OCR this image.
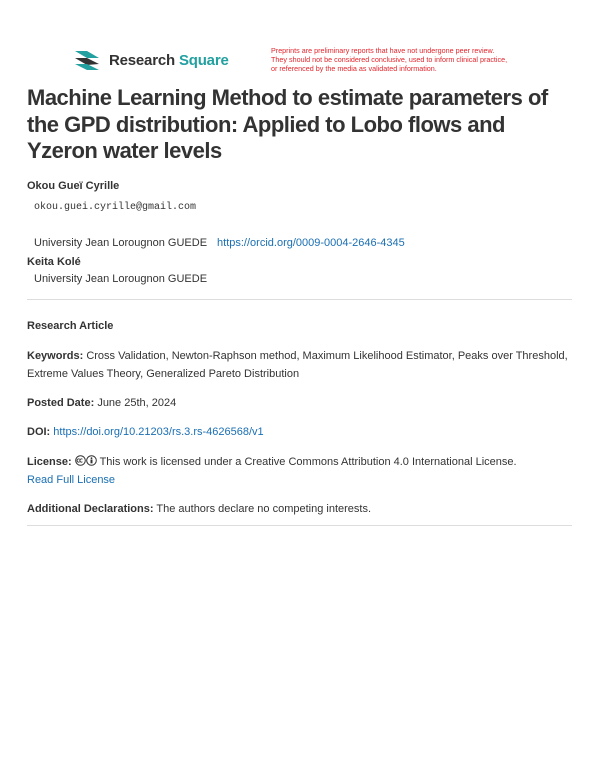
Research Square
Preprints are preliminary reports that have not undergone peer review.
They should not be considered conclusive, used to inform clinical practice,
or referenced by the media as validated information.
Machine Learning Method to estimate parameters of the GPD distribution: Applied to Lobo flows and Yzeron water levels
Okou Gueï Cyrille
okou.guei.cyrille@gmail.com
University Jean Lorougnon GUEDE https://orcid.org/0009-0004-2646-4345
Keita Kolé
University Jean Lorougnon GUEDE
Research Article
Keywords: Cross Validation, Newton-Raphson method, Maximum Likelihood Estimator, Peaks over Threshold, Extreme Values Theory, Generalized Pareto Distribution
Posted Date: June 25th, 2024
DOI: https://doi.org/10.21203/rs.3.rs-4626568/v1
License:	This work is licensed under a Creative Commons Attribution 4.0 International License.
Read Full License
Additional Declarations: The authors declare no competing interests.
